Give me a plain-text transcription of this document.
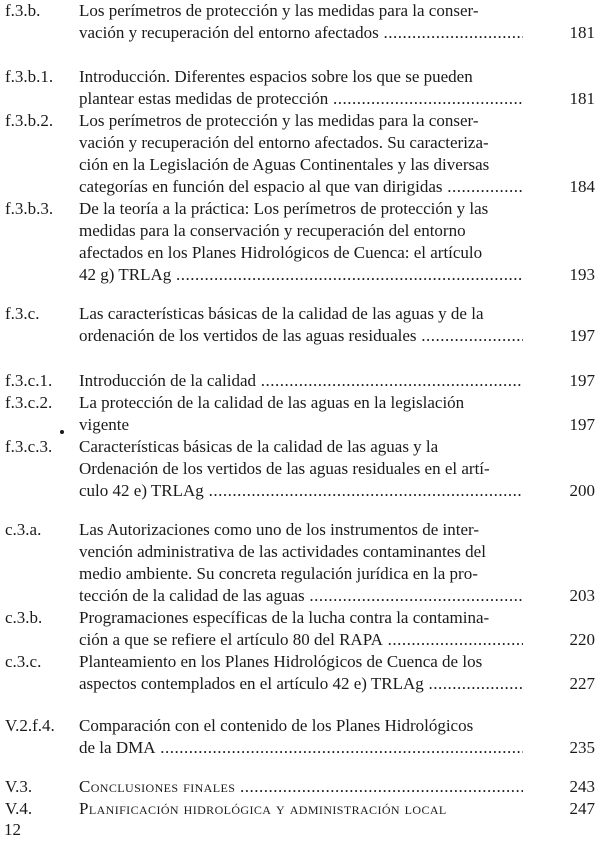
f.3.b. Los perímetros de protección y las medidas para la conser-
vación y recuperación del entorno afectados .....	181
f.3.b.1. Introducción. Diferentes espacios sobre los que se pueden
plantear estas medidas de protección .....	181
f.3.b.2. Los perímetros de protección y las medidas para la conser-
vación y recuperación del entorno afectados. Su caracteriza-
ción en la Legislación de Aguas Continentales y las diversas
categorías en función del espacio al que van dirigidas .....	184
f.3.b.3. De la teoría a la práctica: Los perímetros de protección y las
medidas para la conservación y recuperación del entorno
afectados en los Planes Hidrológicos de Cuenca: el artículo
42 g) TRLAg .....	193
f.3.c. Las características básicas de la calidad de las aguas y de la
ordenación de los vertidos de las aguas residuales .....	197
f.3.c.1. Introducción de la calidad .....	197
f.3.c.2. La protección de la calidad de las aguas en la legislación
vigente	197
f.3.c.3. Características básicas de la calidad de las aguas y la
Ordenación de los vertidos de las aguas residuales en el artí-
culo 42 e) TRLAg .....	200
c.3.a. Las Autorizaciones como uno de los instrumentos de inter-
vención administrativa de las actividades contaminantes del
medio ambiente. Su concreta regulación jurídica en la pro-
tección de la calidad de las aguas .....	203
c.3.b. Programaciones específicas de la lucha contra la contamina-
ción a que se refiere el artículo 80 del RAPA .....	220
c.3.c. Planteamiento en los Planes Hidrológicos de Cuenca de los
aspectos contemplados en el artículo 42 e) TRLAg .....	227
V.2.f.4. Comparación con el contenido de los Planes Hidrológicos
de la DMA .....	235
V.3.	Conclusiones finales .....	243
V.4.	Planificación hidrológica y administración local	247
12
